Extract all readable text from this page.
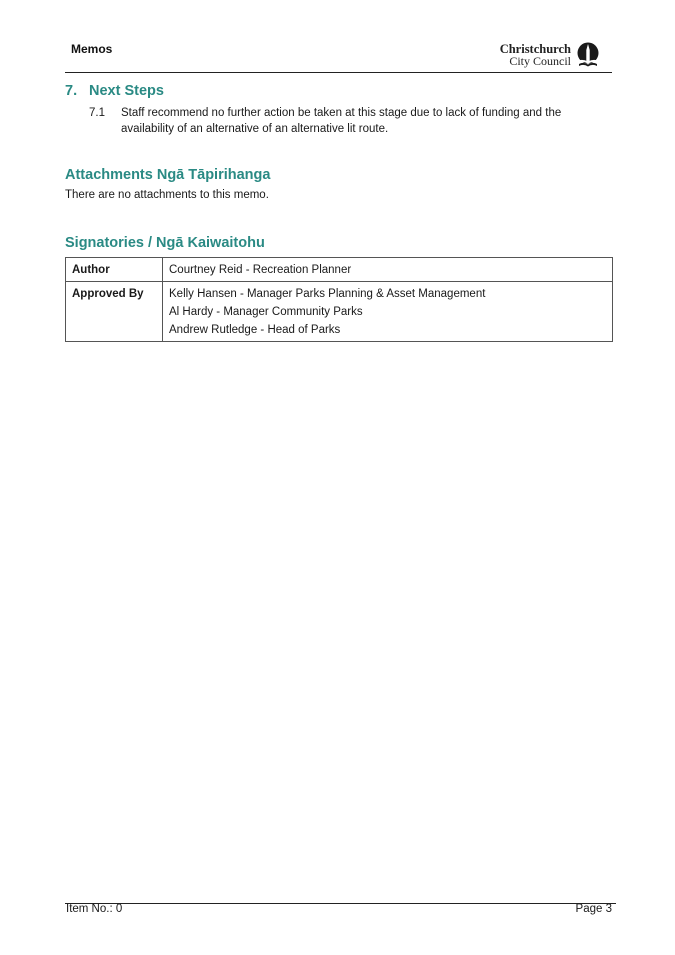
Memos	Christchurch
City Council
7. Next Steps
7.1 Staff recommend no further action be taken at this stage due to lack of funding and the availability of an alternative of an alternative lit route.
Attachments Ngā Tāpirihanga
There are no attachments to this memo.
Signatories / Ngā Kaiwaitohu
Author	Courtney Reid - Recreation Planner

Approved By	Kelly Hansen - Manager Parks Planning & Asset Management
Al Hardy - Manager Community Parks
Andrew Rutledge - Head of Parks
Item No.: 0	Page 3
